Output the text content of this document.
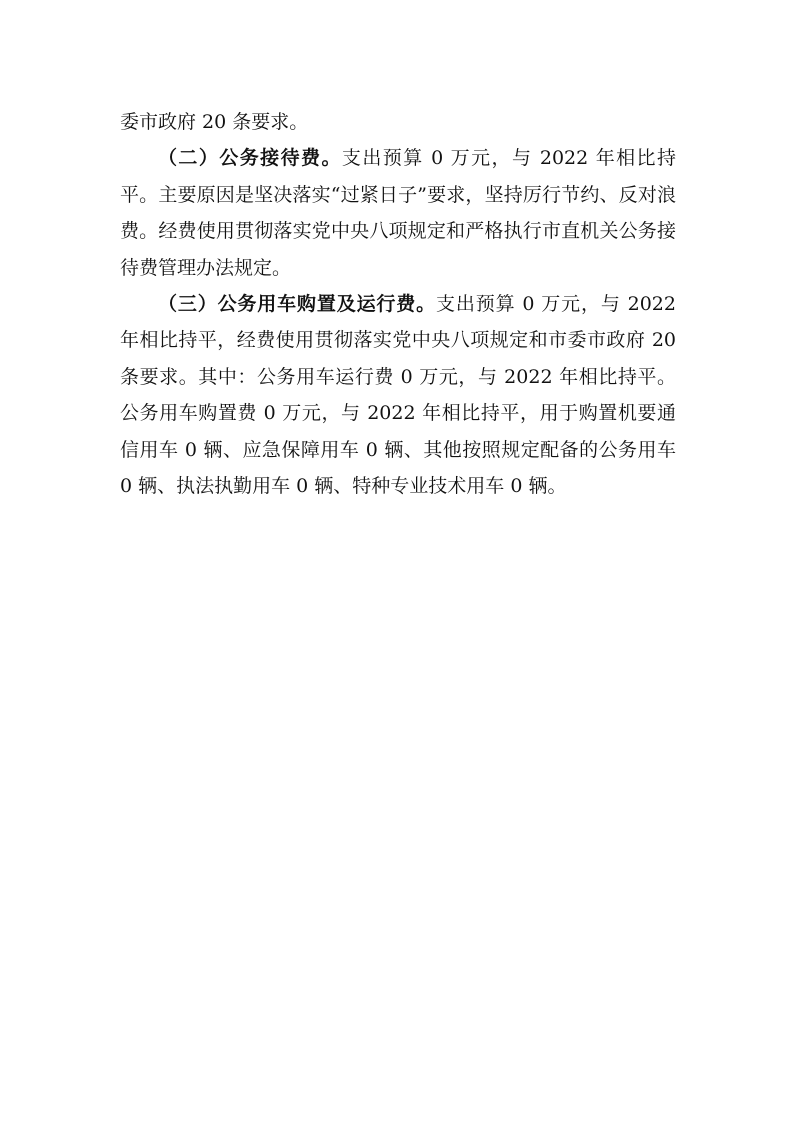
委市政府 20 条要求。

（二）公务接待费。支出预算 0 万元，与 2022 年相比持平。主要原因是坚决落实“过紧日子”要求，坚持厉行节约、反对浪费。经费使用贯彻落实党中央八项规定和严格执行市直机关公务接待费管理办法规定。

（三）公务用车购置及运行费。支出预算 0 万元，与 2022 年相比持平，经费使用贯彻落实党中央八项规定和市委市政府 20 条要求。其中：公务用车运行费 0 万元，与 2022 年相比持平。公务用车购置费 0 万元，与 2022 年相比持平，用于购置机要通信用车 0 辆、应急保障用车 0 辆、其他按照规定配备的公务用车 0 辆、执法执勤用车 0 辆、特种专业技术用车 0 辆。
